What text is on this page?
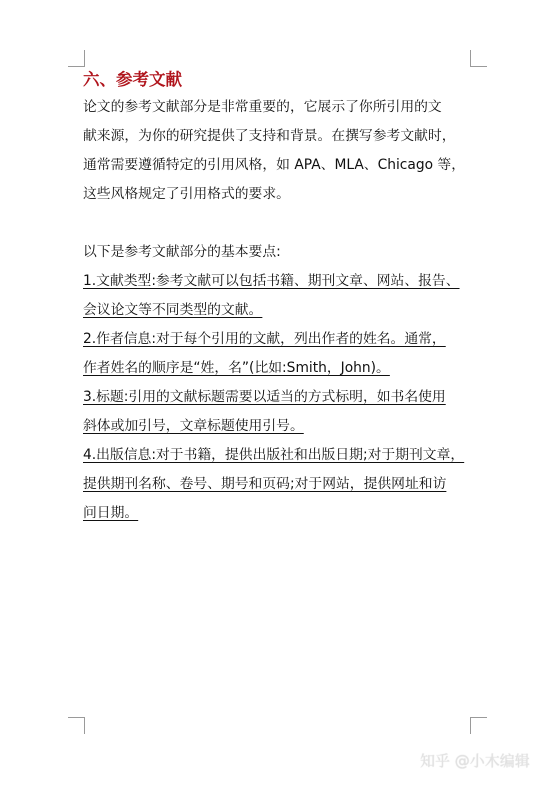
六、参考文献
论文的参考文献部分是非常重要的，它展示了你所引用的文
献来源，为你的研究提供了支持和背景。在撰写参考文献时，
通常需要遵循特定的引用风格，如 APA、MLA、Chicago 等，
这些风格规定了引用格式的要求。
以下是参考文献部分的基本要点:
1.文献类型:参考文献可以包括书籍、期刊文章、网站、报告、
会议论文等不同类型的文献。
2.作者信息:对于每个引用的文献，列出作者的姓名。通常，
作者姓名的顺序是“姓，名”(比如:Smith，John)。
3.标题:引用的文献标题需要以适当的方式标明，如书名使用
斜体或加引号，文章标题使用引号。
4.出版信息:对于书籍，提供出版社和出版日期;对于期刊文章，
提供期刊名称、卷号、期号和页码;对于网站，提供网址和访
问日期。
知乎 @小木编辑
